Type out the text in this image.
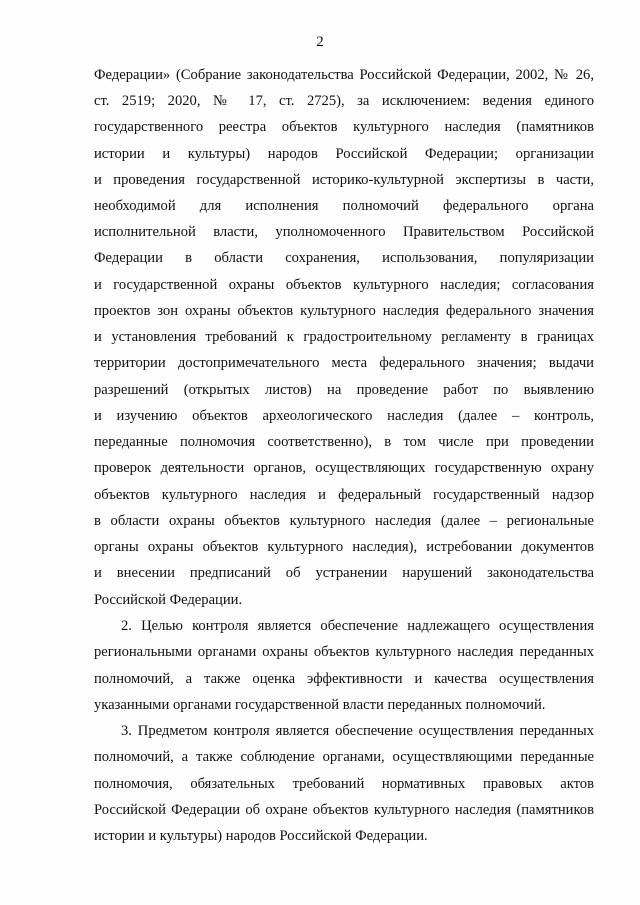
2
Федерации» (Собрание законодательства Российской Федерации, 2002, № 26,
ст. 2519; 2020, № 17, ст. 2725), за исключением: ведения единого
государственного реестра объектов культурного наследия (памятников
истории и культуры) народов Российской Федерации; организации
и проведения государственной историко-культурной экспертизы в части,
необходимой для исполнения полномочий федерального органа
исполнительной власти, уполномоченного Правительством Российской
Федерации в области сохранения, использования, популяризации
и государственной охраны объектов культурного наследия; согласования
проектов зон охраны объектов культурного наследия федерального значения
и установления требований к градостроительному регламенту в границах
территории достопримечательного места федерального значения; выдачи
разрешений (открытых листов) на проведение работ по выявлению
и изучению объектов археологического наследия (далее – контроль,
переданные полномочия соответственно), в том числе при проведении
проверок деятельности органов, осуществляющих государственную охрану
объектов культурного наследия и федеральный государственный надзор
в области охраны объектов культурного наследия (далее – региональные
органы охраны объектов культурного наследия), истребовании документов
и внесении предписаний об устранении нарушений законодательства
Российской Федерации.
2. Целью контроля является обеспечение надлежащего осуществления
региональными органами охраны объектов культурного наследия переданных
полномочий, а также оценка эффективности и качества осуществления
указанными органами государственной власти переданных полномочий.
3. Предметом контроля является обеспечение осуществления переданных
полномочий, а также соблюдение органами, осуществляющими переданные
полномочия, обязательных требований нормативных правовых актов
Российской Федерации об охране объектов культурного наследия (памятников
истории и культуры) народов Российской Федерации.
